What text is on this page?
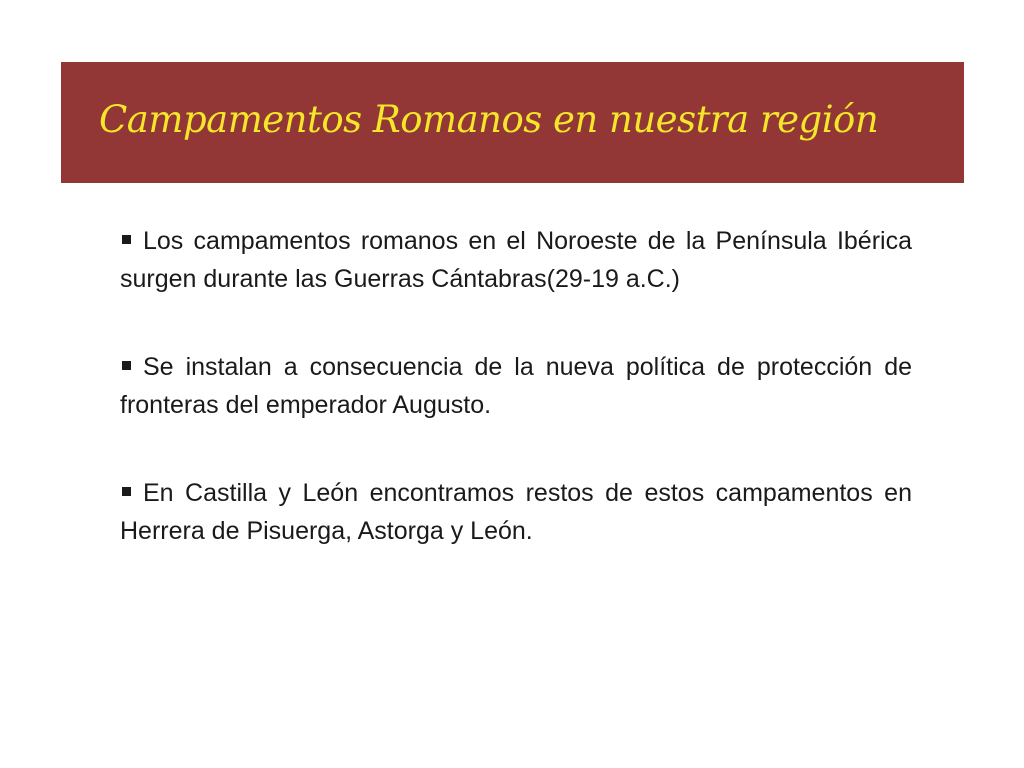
Campamentos Romanos en nuestra región

Los campamentos romanos en el Noroeste de la Península Ibérica surgen durante las Guerras Cántabras(29-19 a.C.)

Se instalan a consecuencia de la nueva política de protección de fronteras del emperador Augusto.

En Castilla y León encontramos restos de estos campamentos en Herrera de Pisuerga, Astorga y León.
